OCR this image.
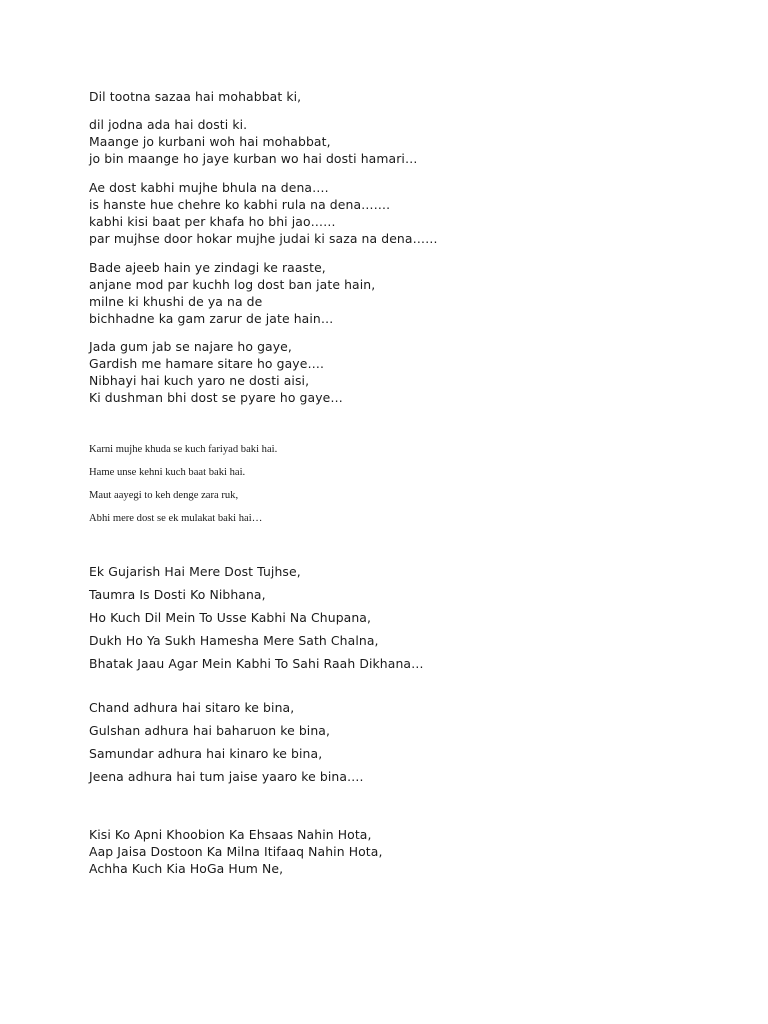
Dil tootna sazaa hai mohabbat ki,
dil jodna ada hai dosti ki.
Maange jo kurbani woh hai mohabbat,
jo bin maange ho jaye kurban wo hai dosti hamari…
Ae dost kabhi mujhe bhula na dena….
is hanste hue chehre ko kabhi rula na dena…….
kabhi kisi baat per khafa ho bhi jao……
par mujhse door hokar mujhe judai ki saza na dena……
Bade ajeeb hain ye zindagi ke raaste,
anjane mod par kuchh log dost ban jate hain,
milne ki khushi de ya na de
bichhadne ka gam zarur de jate hain…
Jada gum jab se najare ho gaye,
Gardish me hamare sitare ho gaye….
Nibhayi hai kuch yaro ne dosti aisi,
Ki dushman bhi dost se pyare ho gaye…
Karni mujhe khuda se kuch fariyad baki hai.
Hame unse kehni kuch baat baki hai.
Maut aayegi to keh denge zara ruk,
Abhi mere dost se ek mulakat baki hai…
Ek Gujarish Hai Mere Dost Tujhse,
Taumra Is Dosti Ko Nibhana,
Ho Kuch Dil Mein To Usse Kabhi Na Chupana,
Dukh Ho Ya Sukh Hamesha Mere Sath Chalna,
Bhatak Jaau Agar Mein Kabhi To Sahi Raah Dikhana…
Chand adhura hai sitaro ke bina,
Gulshan adhura hai baharuon ke bina,
Samundar adhura hai kinaro ke bina,
Jeena adhura hai tum jaise yaaro ke bina….
Kisi Ko Apni Khoobion Ka Ehsaas Nahin Hota,
Aap Jaisa Dostoon Ka Milna Itifaaq Nahin Hota,
Achha Kuch Kia HoGa Hum Ne,
